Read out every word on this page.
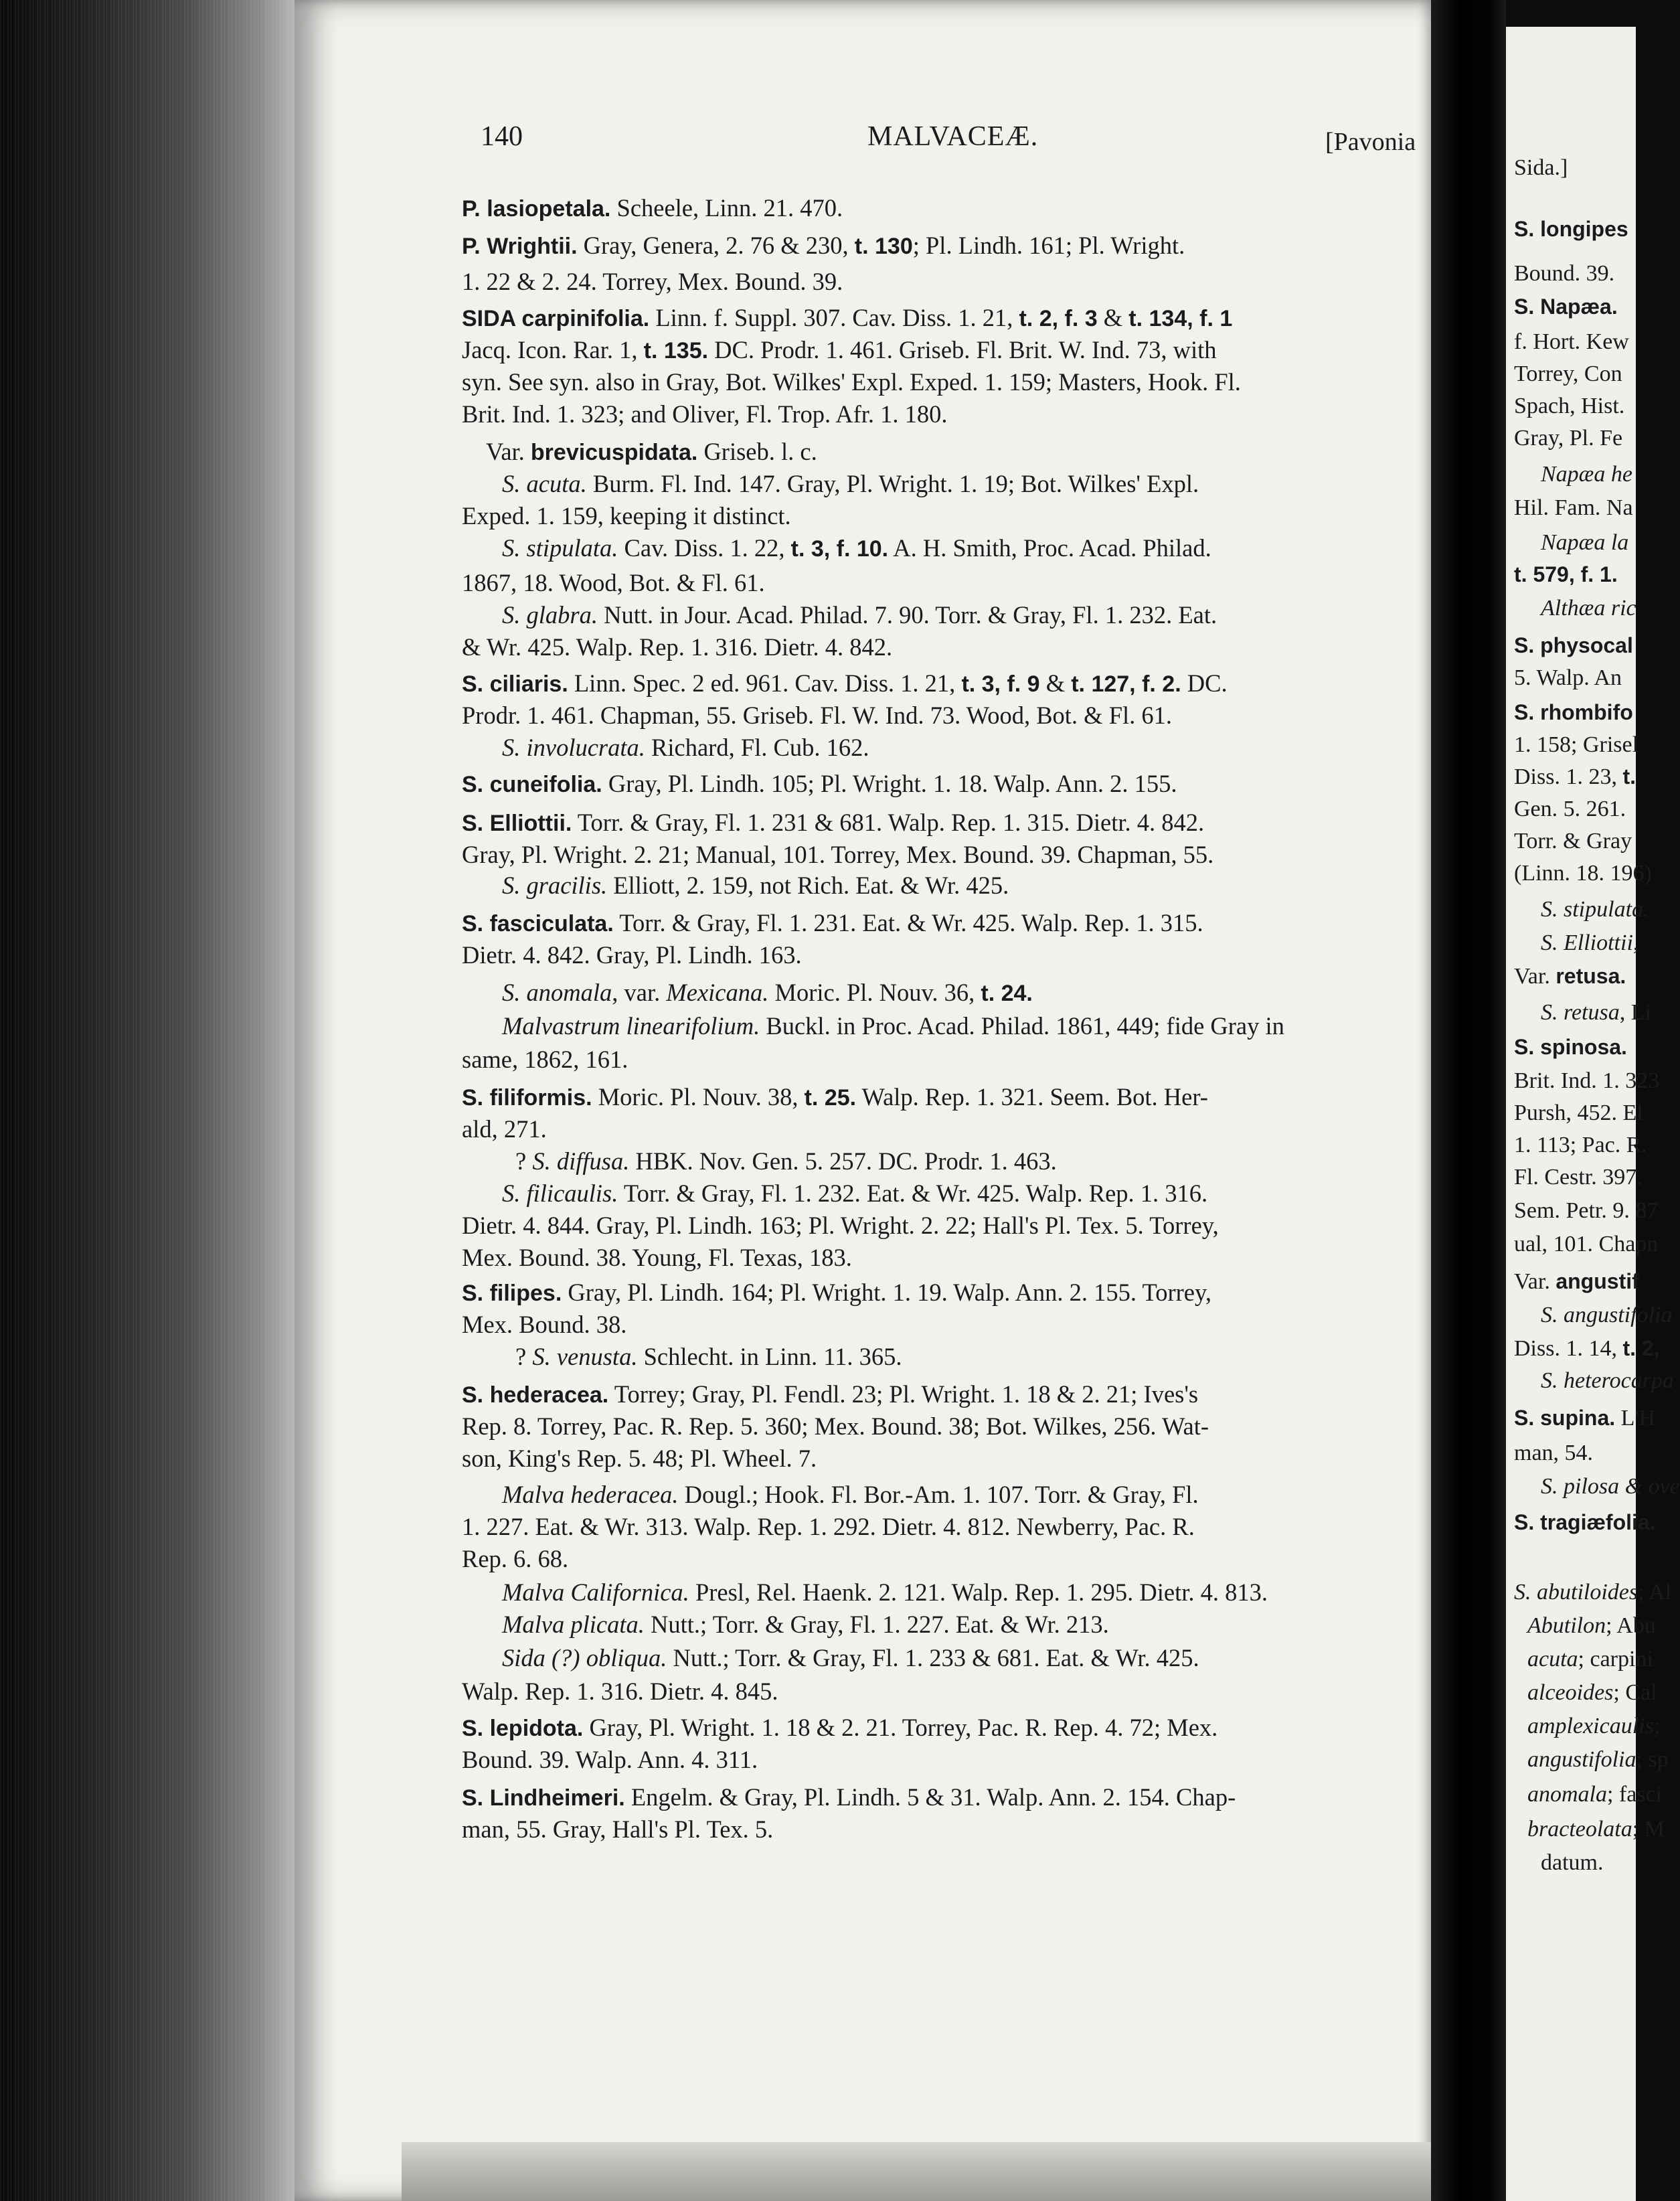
Sida.]
S. longipes
Bound. 39.
S. Napæa.
f. Hort. Kew
Torrey, Con
Spach, Hist.
Gray, Pl. Fe
Napæa he
Hil. Fam. Na
Napæa la
t. 579, f. 1.
Althæa ric
S. physocal
5. Walp. An
S. rhombifo
1. 158; Grisel
Diss. 1. 23, t.
Gen. 5. 261.
Torr. & Gray
(Linn. 18. 196)
S. stipulata.
S. Elliottii,
Var. retusa.
S. retusa, Li
S. spinosa.
Brit. Ind. 1. 323
Pursh, 452. El
1. 113; Pac. R.
Fl. Cestr. 397.
Sem. Petr. 9. 87
ual, 101. Chapn
Var. angustif
S. angustifolia
Diss. 1. 14, t. 2,
S. heterocarpa
S. supina. L'H
man, 54.
S. pilosa & ove
S. tragiæfolia.
S. abutiloides; Al
Abutilon; Abu
acuta; carpini
alceoides; Cal
amplexicaulis;
angustifolia; sp
anomala; fasci
bracteolata; M
datum.
140	MALVACEÆ.	[Pavonia
P. lasiopetala. Scheele, Linn. 21. 470.
P. Wrightii. Gray, Genera, 2. 76 & 230, t. 130; Pl. Lindh. 161; Pl. Wright.
1. 22 & 2. 24. Torrey, Mex. Bound. 39.
SIDA carpinifolia. Linn. f. Suppl. 307. Cav. Diss. 1. 21, t. 2, f. 3 & t. 134, f. 1
Jacq. Icon. Rar. 1, t. 135. DC. Prodr. 1. 461. Griseb. Fl. Brit. W. Ind. 73, with
syn. See syn. also in Gray, Bot. Wilkes' Expl. Exped. 1. 159; Masters, Hook. Fl.
Brit. Ind. 1. 323; and Oliver, Fl. Trop. Afr. 1. 180.
Var. brevicuspidata. Griseb. l. c.
S. acuta. Burm. Fl. Ind. 147. Gray, Pl. Wright. 1. 19; Bot. Wilkes' Expl.
Exped. 1. 159, keeping it distinct.
S. stipulata. Cav. Diss. 1. 22, t. 3, f. 10. A. H. Smith, Proc. Acad. Philad.
1867, 18. Wood, Bot. & Fl. 61.
S. glabra. Nutt. in Jour. Acad. Philad. 7. 90. Torr. & Gray, Fl. 1. 232. Eat.
& Wr. 425. Walp. Rep. 1. 316. Dietr. 4. 842.
S. ciliaris. Linn. Spec. 2 ed. 961. Cav. Diss. 1. 21, t. 3, f. 9 & t. 127, f. 2. DC.
Prodr. 1. 461. Chapman, 55. Griseb. Fl. W. Ind. 73. Wood, Bot. & Fl. 61.
S. involucrata. Richard, Fl. Cub. 162.
S. cuneifolia. Gray, Pl. Lindh. 105; Pl. Wright. 1. 18. Walp. Ann. 2. 155.
S. Elliottii. Torr. & Gray, Fl. 1. 231 & 681. Walp. Rep. 1. 315. Dietr. 4. 842.
Gray, Pl. Wright. 2. 21; Manual, 101. Torrey, Mex. Bound. 39. Chapman, 55.
S. gracilis. Elliott, 2. 159, not Rich. Eat. & Wr. 425.
S. fasciculata. Torr. & Gray, Fl. 1. 231. Eat. & Wr. 425. Walp. Rep. 1. 315.
Dietr. 4. 842. Gray, Pl. Lindh. 163.
S. anomala, var. Mexicana. Moric. Pl. Nouv. 36, t. 24.
Malvastrum linearifolium. Buckl. in Proc. Acad. Philad. 1861, 449; fide Gray in
same, 1862, 161.
S. filiformis. Moric. Pl. Nouv. 38, t. 25. Walp. Rep. 1. 321. Seem. Bot. Her-
ald, 271.
? S. diffusa. HBK. Nov. Gen. 5. 257. DC. Prodr. 1. 463.
S. filicaulis. Torr. & Gray, Fl. 1. 232. Eat. & Wr. 425. Walp. Rep. 1. 316.
Dietr. 4. 844. Gray, Pl. Lindh. 163; Pl. Wright. 2. 22; Hall's Pl. Tex. 5. Torrey,
Mex. Bound. 38. Young, Fl. Texas, 183.
S. filipes. Gray, Pl. Lindh. 164; Pl. Wright. 1. 19. Walp. Ann. 2. 155. Torrey,
Mex. Bound. 38.
? S. venusta. Schlecht. in Linn. 11. 365.
S. hederacea. Torrey; Gray, Pl. Fendl. 23; Pl. Wright. 1. 18 & 2. 21; Ives's
Rep. 8. Torrey, Pac. R. Rep. 5. 360; Mex. Bound. 38; Bot. Wilkes, 256. Wat-
son, King's Rep. 5. 48; Pl. Wheel. 7.
Malva hederacea. Dougl.; Hook. Fl. Bor.-Am. 1. 107. Torr. & Gray, Fl.
1. 227. Eat. & Wr. 313. Walp. Rep. 1. 292. Dietr. 4. 812. Newberry, Pac. R.
Rep. 6. 68.
Malva Californica. Presl, Rel. Haenk. 2. 121. Walp. Rep. 1. 295. Dietr. 4. 813.
Malva plicata. Nutt.; Torr. & Gray, Fl. 1. 227. Eat. & Wr. 213.
Sida (?) obliqua. Nutt.; Torr. & Gray, Fl. 1. 233 & 681. Eat. & Wr. 425.
Walp. Rep. 1. 316. Dietr. 4. 845.
S. lepidota. Gray, Pl. Wright. 1. 18 & 2. 21. Torrey, Pac. R. Rep. 4. 72; Mex.
Bound. 39. Walp. Ann. 4. 311.
S. Lindheimeri. Engelm. & Gray, Pl. Lindh. 5 & 31. Walp. Ann. 2. 154. Chap-
man, 55. Gray, Hall's Pl. Tex. 5.
